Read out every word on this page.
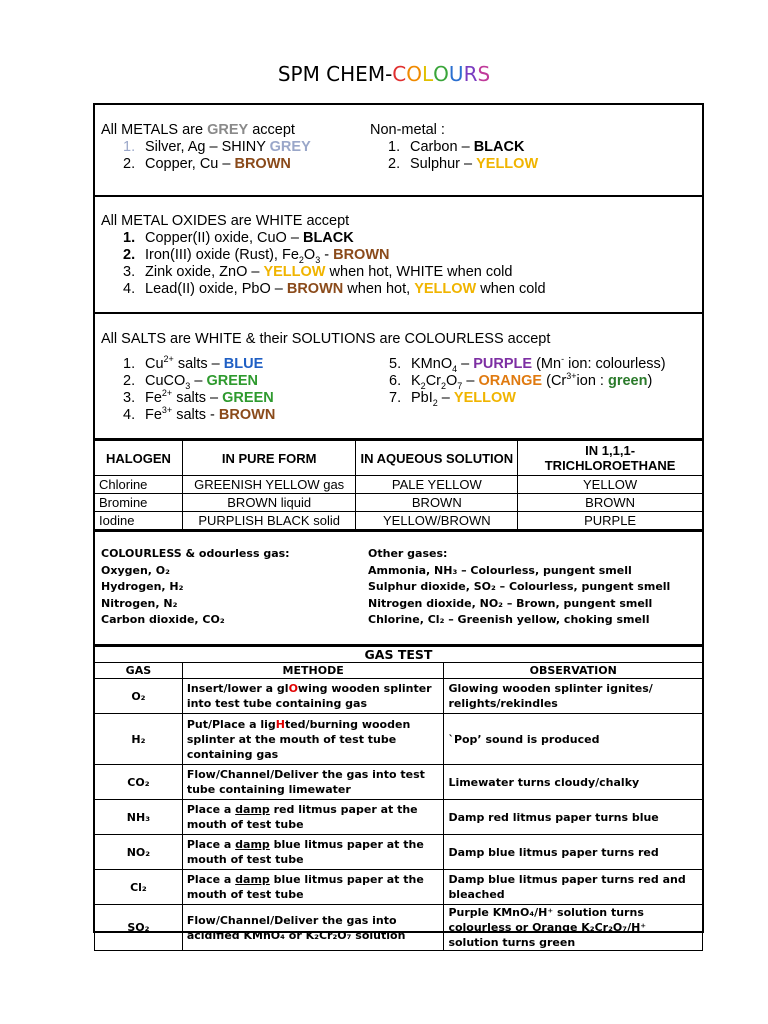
SPM CHEM-COLOURS
All METALS are GREY accept
1. Silver, Ag – SHINY GREY
2. Copper, Cu – BROWN
Non-metal :
1. Carbon – BLACK
2. Sulphur – YELLOW
All METAL OXIDES are WHITE accept
1. Copper(II) oxide, CuO – BLACK
2. Iron(III) oxide (Rust), $Fe_2O_3$ - BROWN
3. Zink oxide, ZnO – YELLOW when hot, WHITE when cold
4. Lead(II) oxide, PbO – BROWN when hot, YELLOW when cold
All SALTS are WHITE & their SOLUTIONS are COLOURLESS accept
1. $Cu^{2+}$ salts – BLUE
2. CuCO$_3$ – GREEN
3. $Fe^{2+}$ salts – GREEN
4. $Fe^{3+}$ salts - BROWN
5. KMnO$_4$ – PURPLE (Mn- ion: colourless)
6. $K_2Cr_2O_7$ – ORANGE ($Cr^{3+}ion$ : green)
7. PbI$_2$ – YELLOW
HALOGEN	IN PURE FORM	IN AQUEOUS SOLUTION	IN 1,1,1- TRICHLOROETHANE
Chlorine	GREENISH YELLOW gas	PALE YELLOW	YELLOW
Bromine	BROWN liquid	BROWN	BROWN
Iodine	PURPLISH BLACK solid	YELLOW/BROWN	PURPLE
COLOURLESS & odourless gas:
Oxygen, O₂
Hydrogen, H₂
Nitrogen, N₂
Carbon dioxide, CO₂
Other gases:
Ammonia, NH₃ – Colourless, pungent smell
Sulphur dioxide, SO₂ – Colourless, pungent smell
Nitrogen dioxide, NO₂ – Brown, pungent smell
Chlorine, Cl₂ – Greenish yellow, choking smell
GAS TEST		
GAS	METHODE	OBSERVATION
O₂	Insert/lower a glOwing wooden splinter into test tube containing gas	Glowing wooden splinter ignites/ relights/rekindles
H₂	Put/Place a ligHted/burning wooden splinter at the mouth of test tube containing gas	`Pop’ sound is produced
CO₂	Flow/Channel/Deliver the gas into test tube containing limewater	Limewater turns cloudy/chalky
NH₃	Place a damp red litmus paper at the mouth of test tube	Damp red litmus paper turns blue
NO₂	Place a damp blue litmus paper at the mouth of test tube	Damp blue litmus paper turns red
Cl₂	Place a damp blue litmus paper at the mouth of test tube	Damp blue litmus paper turns red and bleached
SO₂	Flow/Channel/Deliver the gas into acidified KMnO₄ or K₂Cr₂O₇ solution	Purple KMnO₄/H⁺ solution turns colourless or Orange K₂Cr₂O₇/H⁺ solution turns green
